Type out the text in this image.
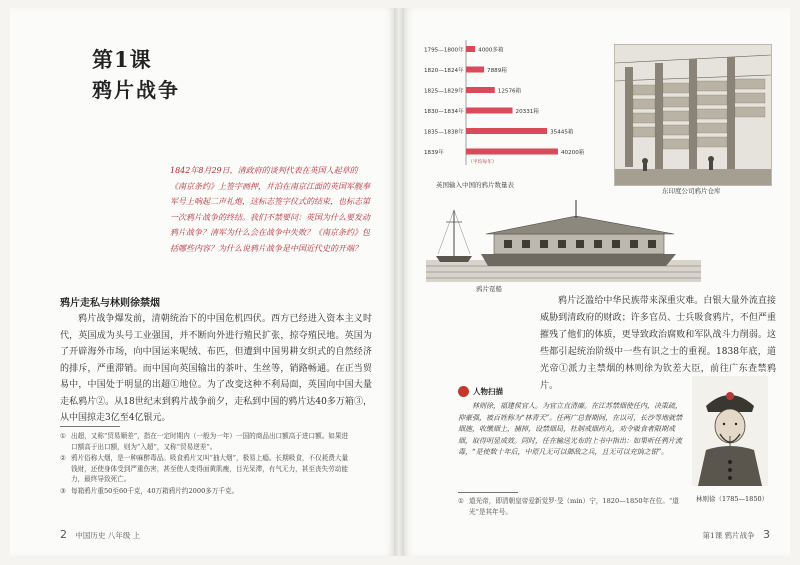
第1课
鸦片战争
1842年8月29日，清政府的谈判代表在英国人起草的《南京条约》上签字画押，并泊在南京江面的英国军舰奉军号上响起二声礼炮，这标志签字仪式的结束，也标志第一次鸦片战争的终结。我们不禁要问：英国为什么要发动鸦片战争？清军为什么会在战争中失败？《南京条约》包括哪些内容？为什么说鸦片战争是中国近代史的开端？
鸦片走私与林则徐禁烟

鸦片战争爆发前，清朝统治下的中国危机四伏。西方已经进入资本主义时代，英国成为头号工业强国，并不断向外进行殖民扩张，掠夺殖民地。英国为了开辟海外市场，向中国运来呢绒、布匹，但遭到中国男耕女织式的自然经济的排斥，严重滞销。而中国向英国输出的茶叶、生丝等，销路畅通。在正当贸易中，中国处于明显的出超①地位。为了改变这种不利局面，英国向中国大量走私鸦片②。从18世纪末到鸦片战争前夕，走私到中国的鸦片达40多万箱③，从中国掠走3亿至4亿银元。

① 出超，又称“贸易顺差”，指在一定时期内（一般为一年）一国的商品出口额高于进口额。如果进口额高于出口额，则为“入超”，又称“贸易逆差”。
② 鸦片俗称大烟，是一种麻醉毒品。吸食鸦片又叫“抽大烟”，极易上瘾。长期吸食，不仅耗费大量钱财，还使身体受到严重伤害，甚至使人变得面黄肌瘦，目光呆滞，有气无力，甚至丧失劳动能力，最终导致死亡。
③ 每箱鸦片重50至60千克，40万箱鸦片约2000多万千克。
2 中国历史 八年级 上
1795—1800年	4000多箱
1820—1824年	7889箱
1825—1829年	12576箱
1830—1834年	20331箱
1835—1838年	35445箱
1839年	40200箱
（平均每年）
英国输入中国的鸦片数量表
东印度公司鸦片仓库
鸦片趸船

鸦片泛滥给中华民族带来深重灾难。白银大量外流直接威胁到清政府的财政；许多官员、士兵吸食鸦片，不但严重摧残了他们的体质，更导致政治腐败和军队战斗力削弱。这些都引起统治阶级中一些有识之士的重视。1838年底，道光帝①派力主禁烟的林则徐为钦差大臣，前往广东查禁鸦片。

人物扫描
林则徐，福建侯官人。为官立直清廉。在江苏禁烟使任内，决策疏，抑豪强，被百姓称为“林青天”。任两广总督期间，在以可，长沙等地就禁烟施，收缴烟土，捕掉，设禁烟局，杜制戒烟药丸，劝令吸食者限期戒烟，取得明显成效。同时，任在输送光布的上书中指出：如果听任鸦片流毒，“是使数十年后，中原几无可以御敌之兵，且无可以充饷之银”。
林则徐（1785—1850）
① 道光帝，即清朝皇帝爱新觉罗·旻（mín）宁，1820—1850年在位。“道光”是其年号。
第1课 鸦片战争 3
